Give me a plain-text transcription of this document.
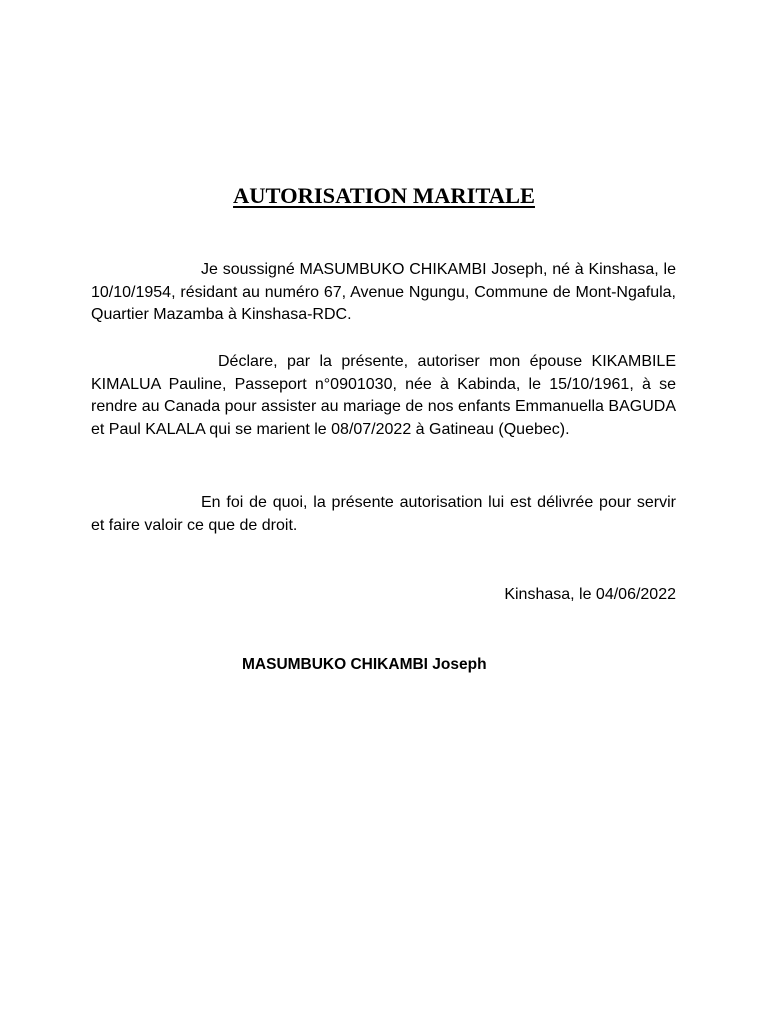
AUTORISATION MARITALE

Je soussigné MASUMBUKO CHIKAMBI Joseph, né à Kinshasa, le 10/10/1954, résidant au numéro 67, Avenue Ngungu, Commune de Mont-Ngafula, Quartier Mazamba à Kinshasa-RDC.

Déclare, par la présente, autoriser mon épouse KIKAMBILE KIMALUA Pauline, Passeport n°0901030, née à Kabinda, le 15/10/1961, à se rendre au Canada pour assister au mariage de nos enfants Emmanuella BAGUDA et Paul KALALA qui se marient le 08/07/2022 à Gatineau (Quebec).

En foi de quoi, la présente autorisation lui est délivrée pour servir et faire valoir ce que de droit.

Kinshasa, le 04/06/2022

MASUMBUKO CHIKAMBI Joseph
